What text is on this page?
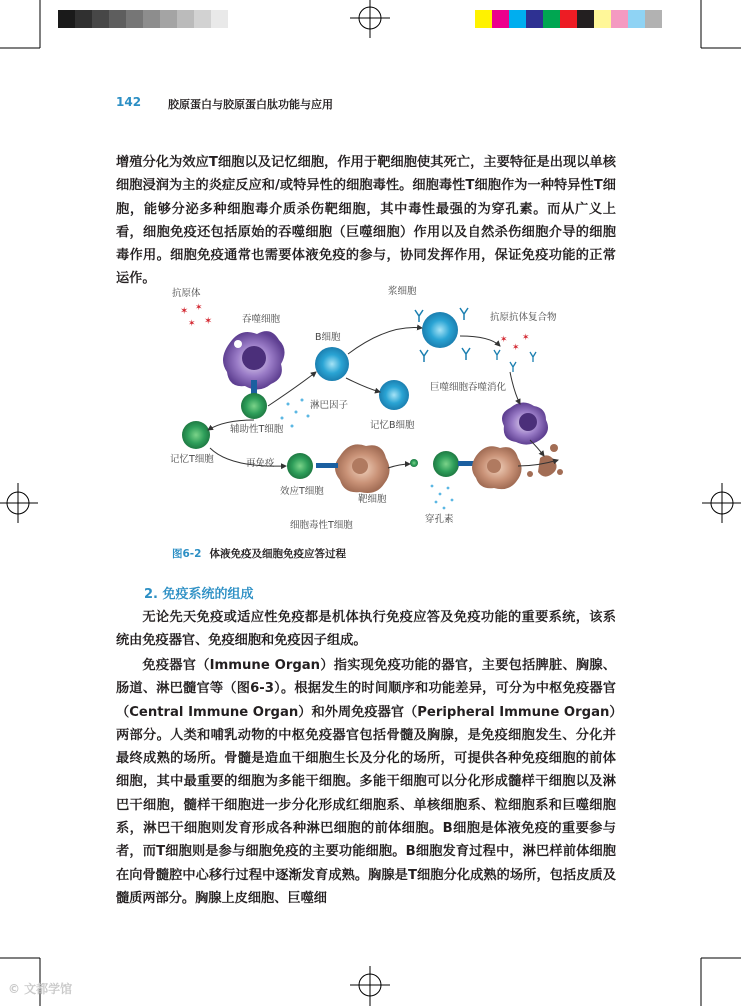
142 胶原蛋白与胶原蛋白肽功能与应用

增殖分化为效应T细胞以及记忆细胞，作用于靶细胞使其死亡，主要特征是出现以单核细胞浸润为主的炎症反应和/或特异性的细胞毒性。细胞毒性T细胞作为一种特异性T细胞，能够分泌多种细胞毒介质杀伤靶细胞，其中毒性最强的为穿孔素。而从广义上看，细胞免疫还包括原始的吞噬细胞（巨噬细胞）作用以及自然杀伤细胞介导的细胞毒作用。细胞免疫通常也需要体液免疫的参与，协同发挥作用，保证免疫功能的正常运作。

✶ ✶
✶ ✶
抗原体
吞噬细胞
辅助性T细胞
记忆T细胞
B细胞
淋巴因子
浆细胞
记忆B细胞
✶
✶
✶
抗原抗体复合物
巨噬细胞吞噬消化
再免疫
效应T细胞
靶细胞
细胞毒性T细胞
穿孔素
图6-2 体液免疫及细胞免疫应答过程
2. 免疫系统的组成

无论先天免疫或适应性免疫都是机体执行免疫应答及免疫功能的重要系统，该系统由免疫器官、免疫细胞和免疫因子组成。

免疫器官（Immune Organ）指实现免疫功能的器官，主要包括脾脏、胸腺、肠道、淋巴髓官等（图6-3）。根据发生的时间顺序和功能差异，可分为中枢免疫器官（Central Immune Organ）和外周免疫器官（Peripheral Immune Organ）两部分。人类和哺乳动物的中枢免疫器官包括骨髓及胸腺，是免疫细胞发生、分化并最终成熟的场所。骨髓是造血干细胞生长及分化的场所，可提供各种免疫细胞的前体细胞，其中最重要的细胞为多能干细胞。多能干细胞可以分化形成髓样干细胞以及淋巴干细胞，髓样干细胞进一步分化形成红细胞系、单核细胞系、粒细胞系和巨噬细胞系，淋巴干细胞则发育形成各种淋巴细胞的前体细胞。B细胞是体液免疫的重要参与者，而T细胞则是参与细胞免疫的主要功能细胞。B细胞发育过程中，淋巴样前体细胞在向骨髓腔中心移行过程中逐渐发育成熟。胸腺是T细胞分化成熟的场所，包括皮质及髓质两部分。胸腺上皮细胞、巨噬细

© 文都学馆
